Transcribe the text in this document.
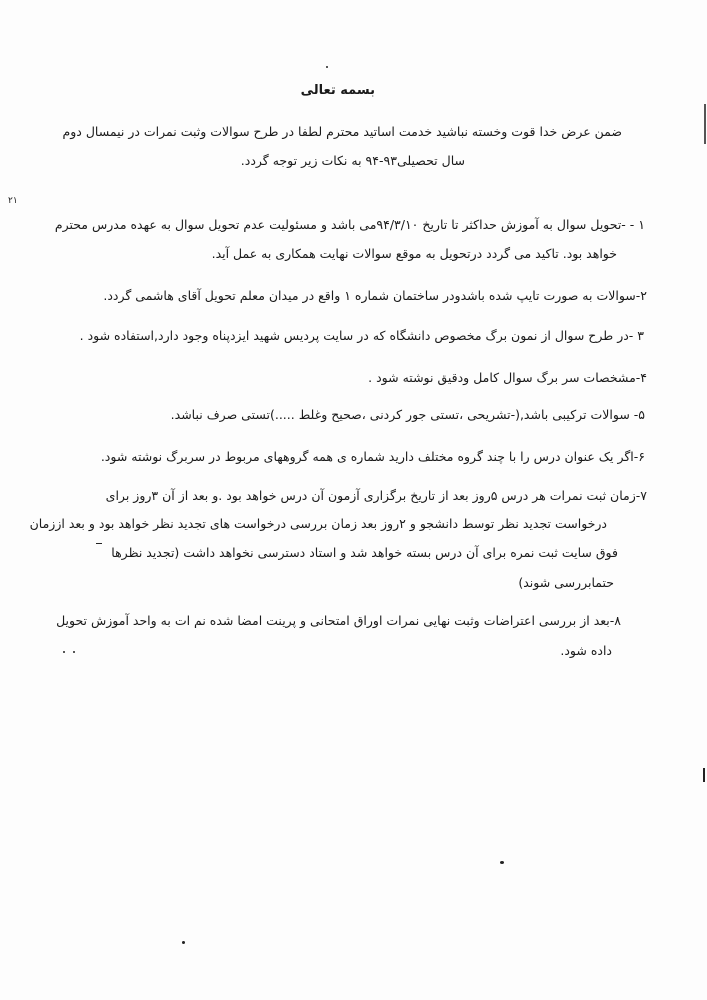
۲۱
بسمه تعالی
ضمن عرض خدا قوت وخسته نباشید خدمت اساتید محترم لطفا در طرح سوالات وثبت نمرات در نیمسال دوم
سال تحصیلی۹۳-۹۴ به نکات زیر توجه گردد.
۱ - -تحویل سوال به آموزش حداکثر تا تاریخ ۹۴/۳/۱۰می باشد و مسئولیت عدم تحویل سوال به عهده مدرس محترم
خواهد بود. تاکید می گردد درتحویل به موقع سوالات نهایت همکاری به عمل آید.
۲-سوالات به صورت تایپ شده باشدودر ساختمان شماره ۱ واقع در میدان معلم تحویل آقای هاشمی گردد.
۳ -در طرح سوال از نمون برگ مخصوص دانشگاه که در سایت پردیس شهید ایزدپناه وجود دارد,استفاده شود .
۴-مشخصات سر برگ سوال کامل ودقیق نوشته شود .
۵- سوالات ترکیبی باشد,(-تشریحی ،تستی جور کردنی ،صحیح وغلط .....)تستی صرف نباشد.
۶-اگر یک عنوان درس را با چند گروه مختلف دارید شماره ی همه گروههای مربوط در سربرگ نوشته شود.
۷-زمان ثبت نمرات هر درس ۵روز بعد از تاریخ برگزاری آزمون آن درس خواهد بود .و بعد از آن ۳روز برای
درخواست تجدید نظر توسط دانشجو و ۲روز بعد زمان بررسی درخواست های تجدید نظر خواهد بود و بعد اززمان
فوق سایت ثبت نمره برای آن درس بسته خواهد شد و استاد دسترسی نخواهد داشت (تجدید نظرها
حتمابررسی شوند)
۸-بعد از بررسی اعتراضات وثبت نهایی نمرات اوراق امتحانی و پرینت امضا شده نم ات به واحد آموزش تحویل
داده شود.
